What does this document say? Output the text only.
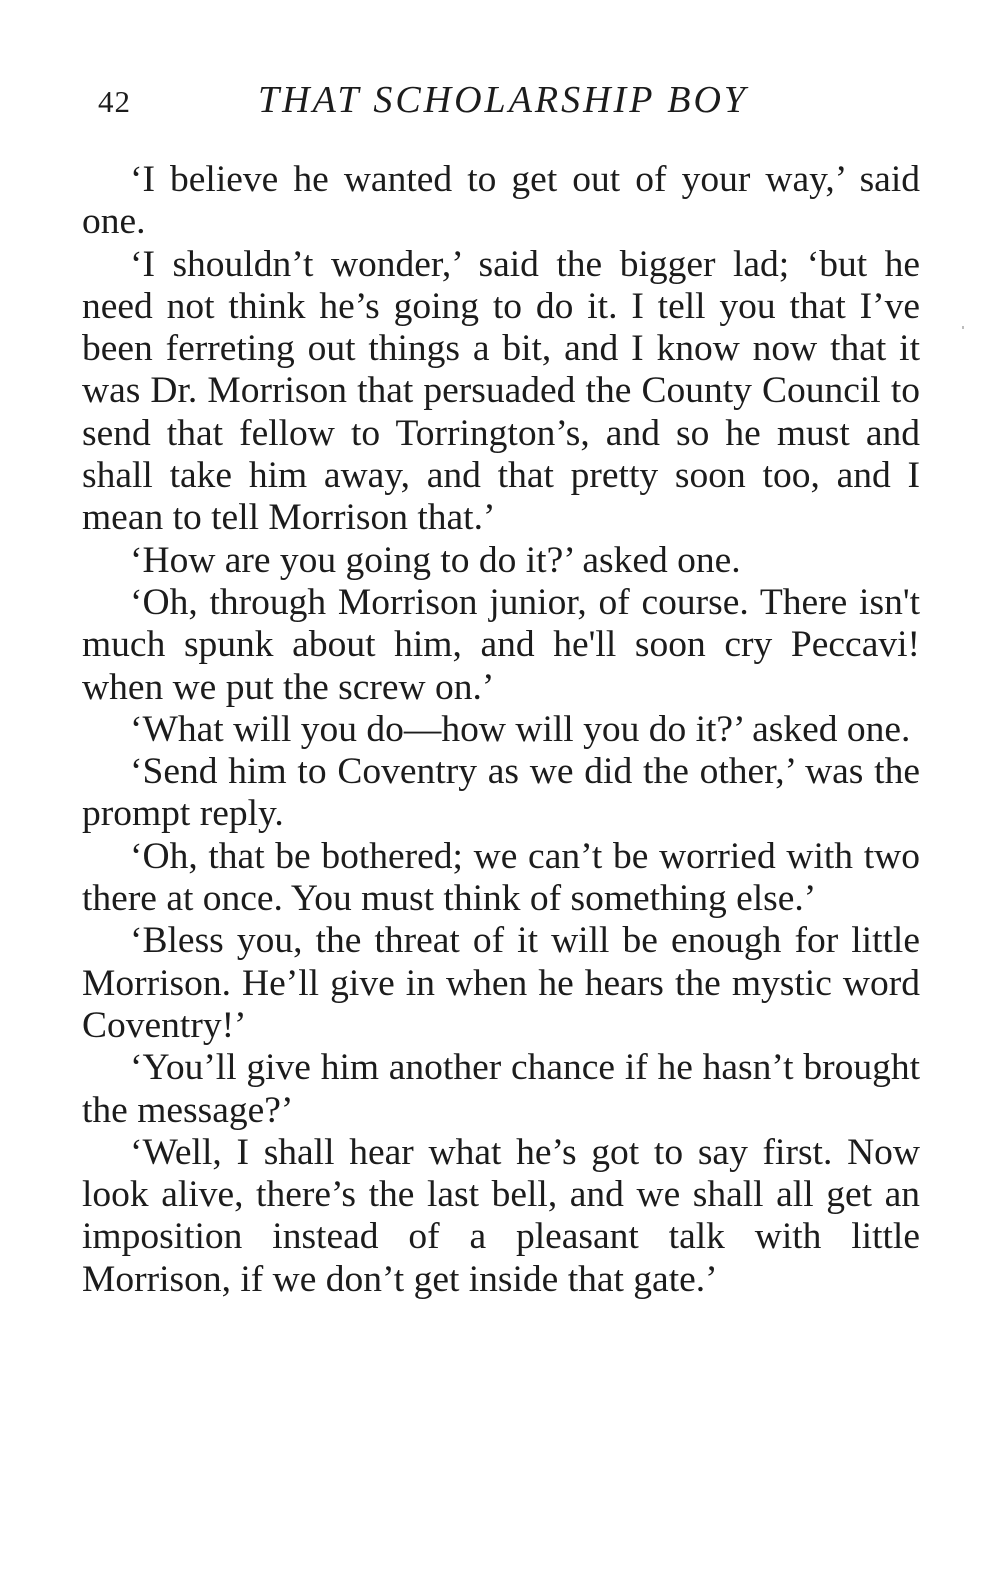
42	THAT SCHOLARSHIP BOY

‘I believe he wanted to get out of your way,’ said one.

‘I shouldn’t wonder,’ said the bigger lad; ‘but he need not think he’s going to do it. I tell you that I’ve been ferreting out things a bit, and I know now that it was Dr. Morrison that persuaded the County Council to send that fellow to Torrington’s, and so he must and shall take him away, and that pretty soon too, and I mean to tell Morrison that.’

‘How are you going to do it?’ asked one.

‘Oh, through Morrison junior, of course. There isn't much spunk about him, and he'll soon cry Peccavi! when we put the screw on.’

‘What will you do—how will you do it?’ asked one.

‘Send him to Coventry as we did the other,’ was the prompt reply.

‘Oh, that be bothered; we can’t be worried with two there at once. You must think of something else.’

‘Bless you, the threat of it will be enough for little Morrison. He’ll give in when he hears the mystic word Coventry!’

‘You’ll give him another chance if he hasn’t brought the message?’

‘Well, I shall hear what he’s got to say first. Now look alive, there’s the last bell, and we shall all get an imposition instead of a pleasant talk with little Morrison, if we don’t get inside that gate.’
